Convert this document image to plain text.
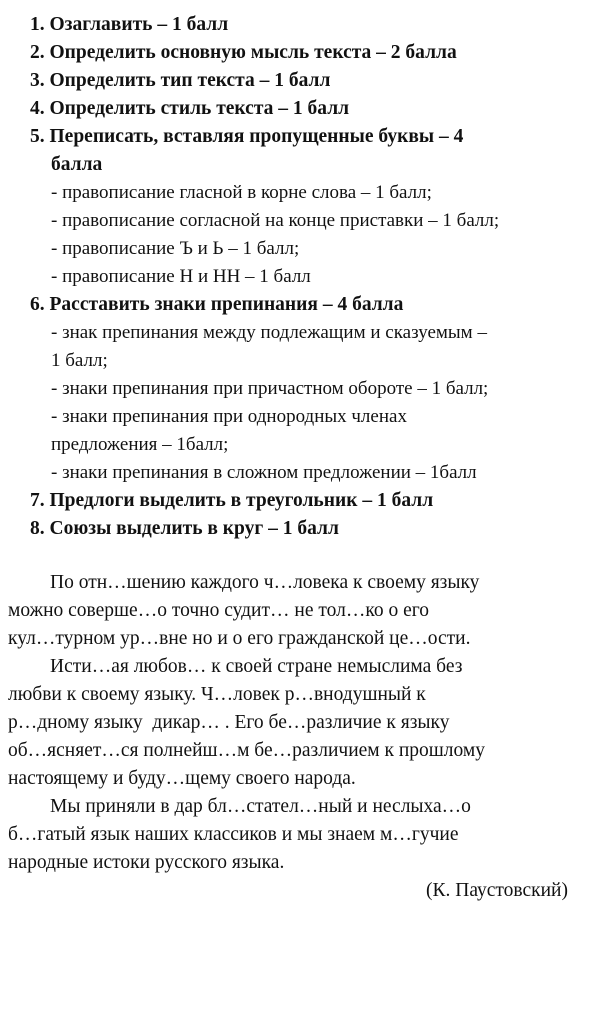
1. Озаглавить – 1 балл
2. Определить основную мысль текста – 2 балла
3. Определить тип текста – 1 балл
4. Определить стиль текста – 1 балл
5. Переписать, вставляя пропущенные буквы – 4
балла
- правописание гласной в корне слова – 1 балл;
- правописание согласной на конце приставки – 1 балл;
- правописание Ъ и Ь – 1 балл;
- правописание Н и НН – 1 балл
6. Расставить знаки препинания – 4 балла
- знак препинания между подлежащим и сказуемым –
1 балл;
- знаки препинания при причастном обороте – 1 балл;
- знаки препинания при однородных членах
предложения – 1балл;
- знаки препинания в сложном предложении – 1балл
7. Предлоги выделить в треугольник – 1 балл
8. Союзы выделить в круг – 1 балл
По отн…шению каждого ч…ловека к своему языку
можно соверше…о точно судит… не тол…ко о его
кул…турном ур…вне но и о его гражданской це…ости.
Исти…ая любов… к своей стране немыслима без
любви к своему языку. Ч…ловек р…внодушный к
р…дному языку  дикар… . Его бе…различие к языку
об…ясняет…ся полнейш…м бе…различием к прошлому
настоящему и буду…щему своего народа.
Мы приняли в дар бл…стател…ный и неслыха…о
б…гатый язык наших классиков и мы знаем м…гучие
народные истоки русского языка.
(К. Паустовский)
